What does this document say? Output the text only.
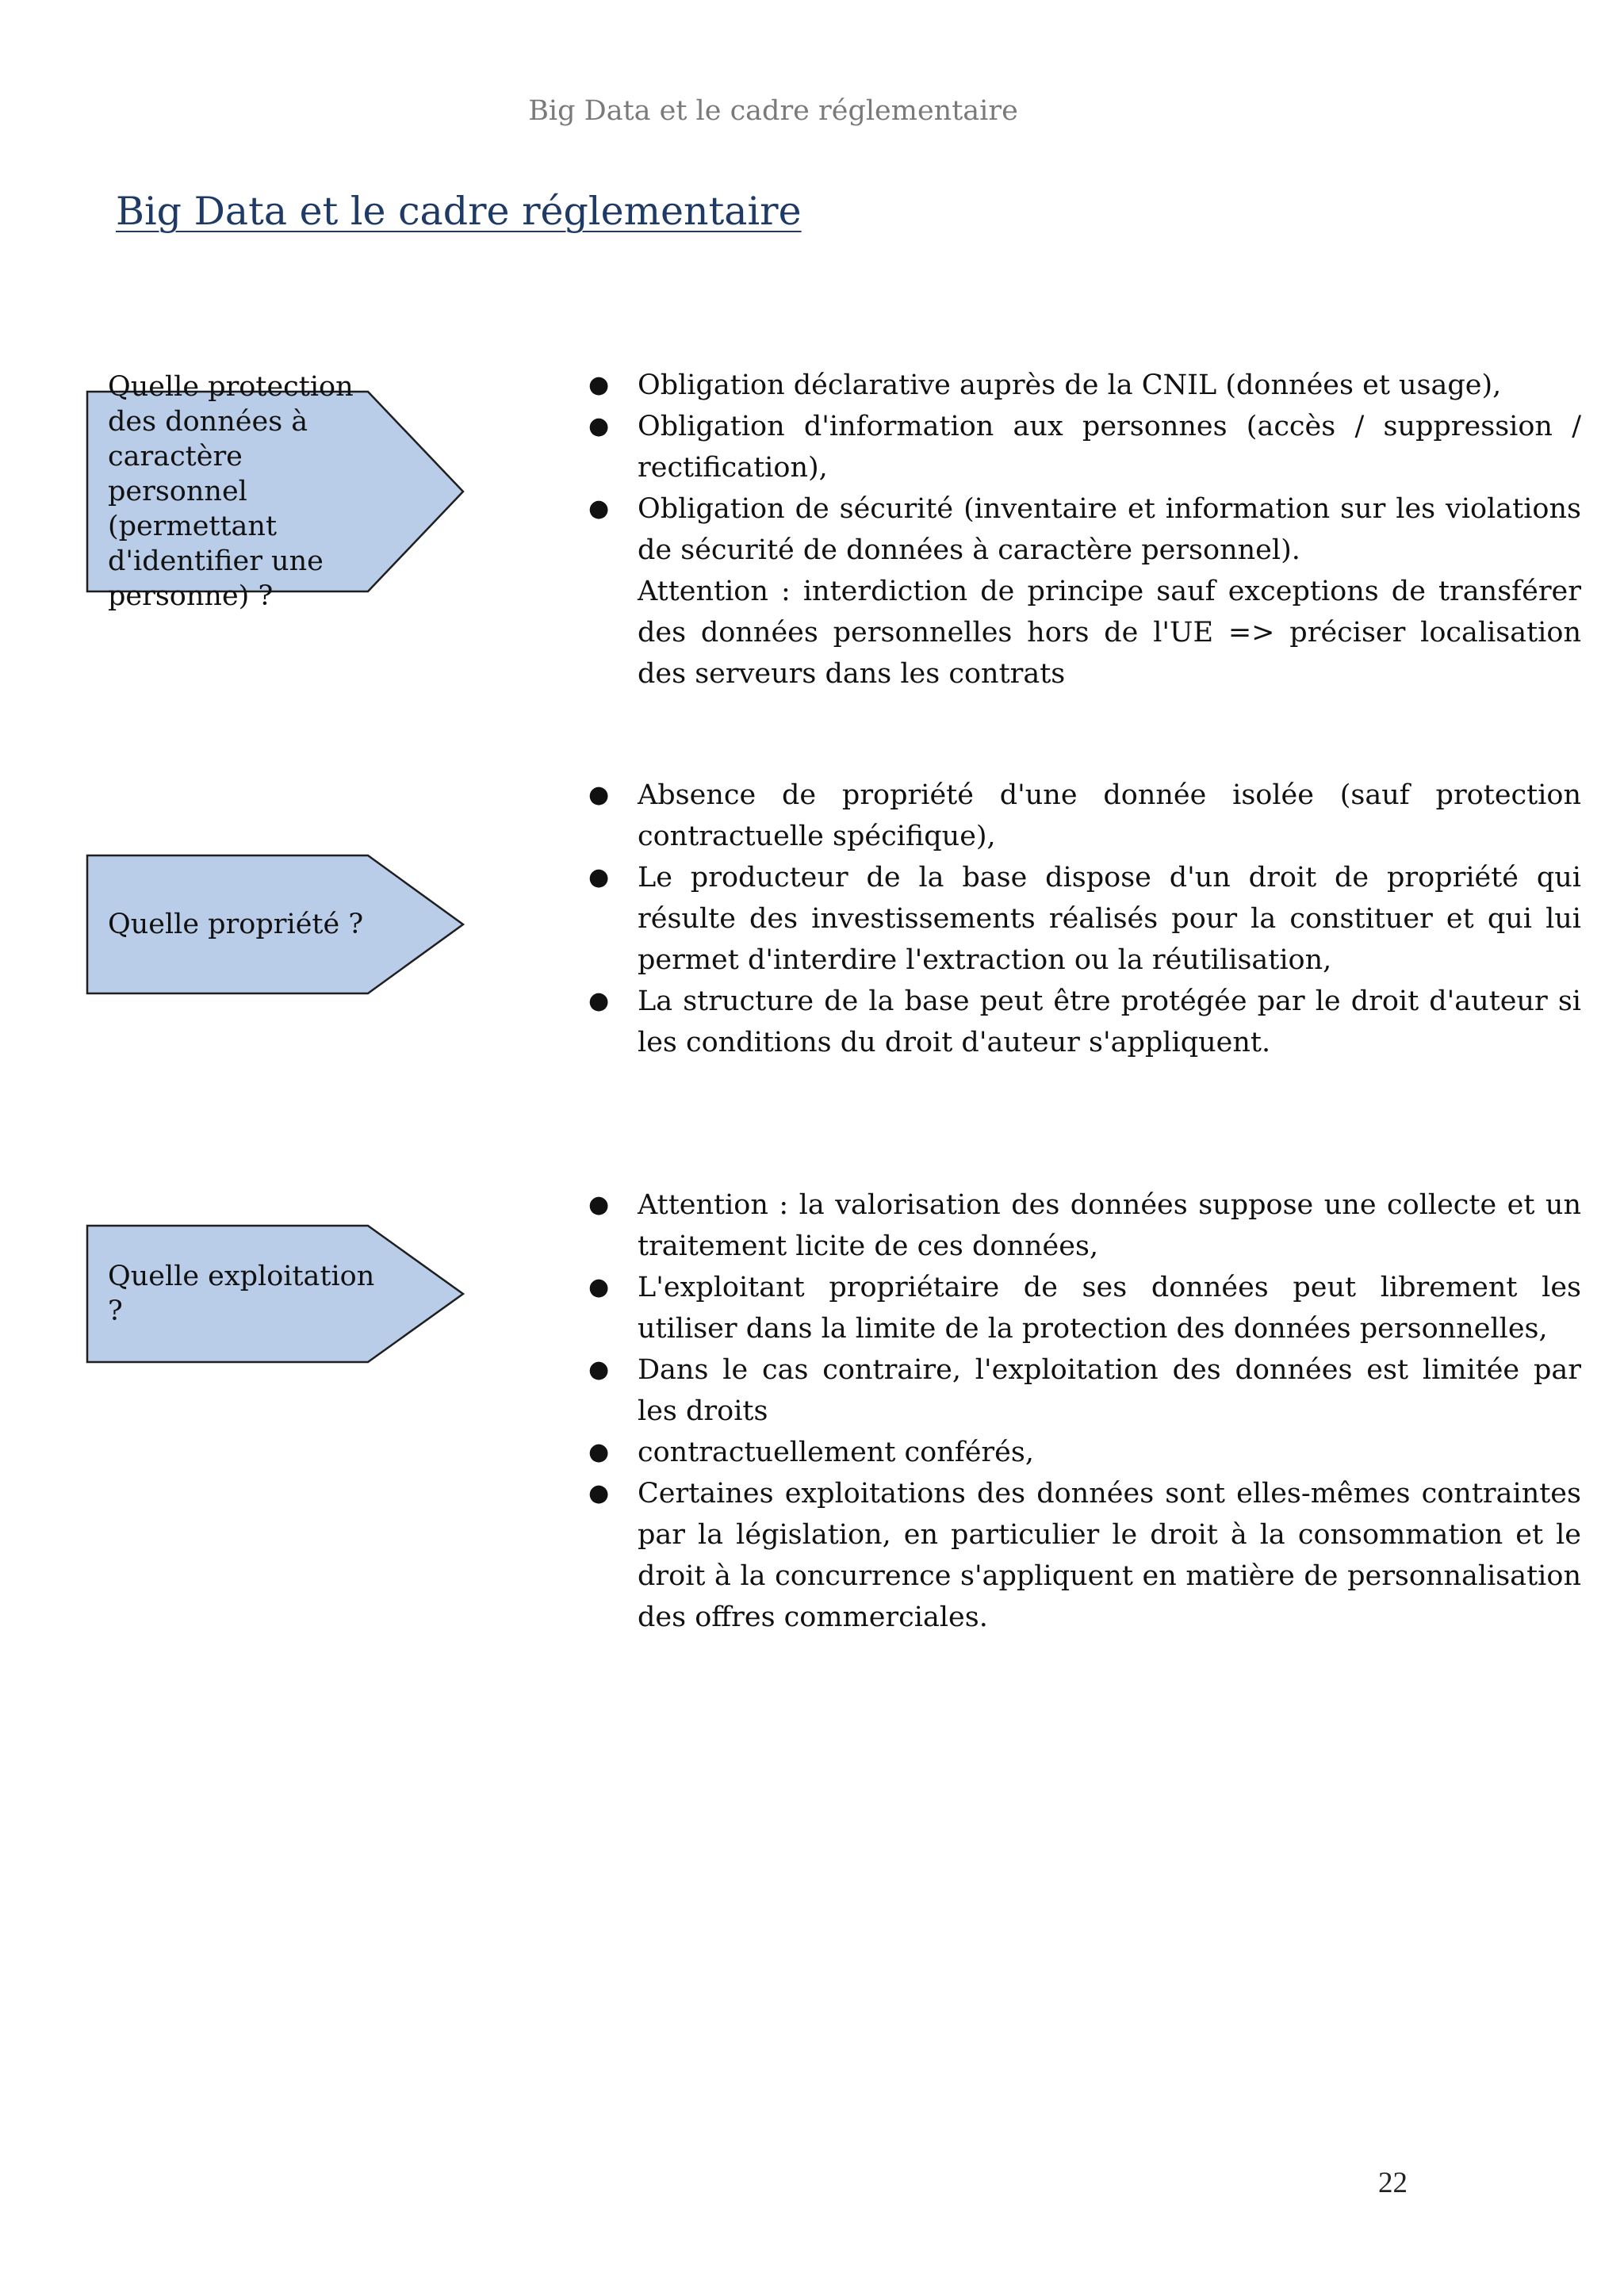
Big Data et le cadre réglementaire
Big Data et le cadre réglementaire
Quelle protection des données à caractère personnel (permettant d'identifier une personne) ?
● Obligation déclarative auprès de la CNIL (données et usage),
● Obligation d'information aux personnes (accès / suppression / rectification),
● Obligation de sécurité (inventaire et information sur les violations de sécurité de données à caractère personnel).
Attention : interdiction de principe sauf exceptions de transférer des données personnelles hors de l'UE => préciser localisation des serveurs dans les contrats
Quelle propriété ?
● Absence de propriété d'une donnée isolée (sauf protection contractuelle spécifique),
● Le producteur de la base dispose d'un droit de propriété qui résulte des investissements réalisés pour la constituer et qui lui permet d'interdire l'extraction ou la réutilisation,
● La structure de la base peut être protégée par le droit d'auteur si les conditions du droit d'auteur s'appliquent.
Quelle exploitation ?
● Attention : la valorisation des données suppose une collecte et un traitement licite de ces données,
● L'exploitant propriétaire de ses données peut librement les utiliser dans la limite de la protection des données personnelles,
● Dans le cas contraire, l'exploitation des données est limitée par les droits
● contractuellement conférés,
● Certaines exploitations des données sont elles-mêmes contraintes par la législation, en particulier le droit à la consommation et le droit à la concurrence s'appliquent en matière de personnalisation des offres commerciales.
22
